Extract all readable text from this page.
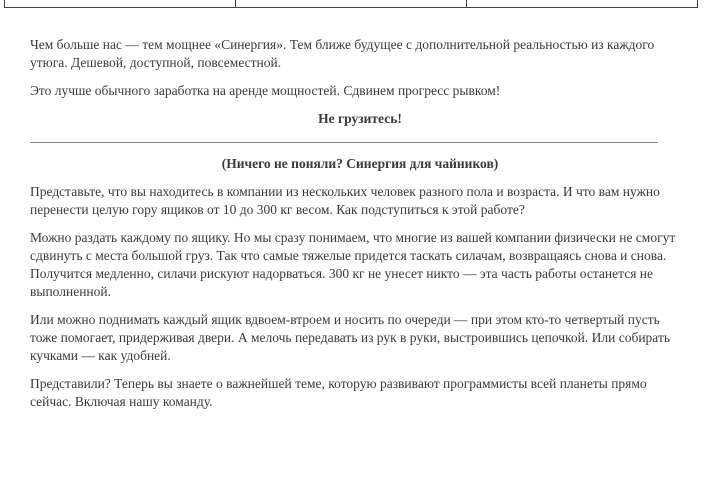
Чем больше нас — тем мощнее «Синергия». Тем ближе будущее с дополнительной реальностью из каждого утюга. Дешевой, доступной, повсеместной.

Это лучше обычного заработка на аренде мощностей. Сдвинем прогресс рывком!

Не грузитесь!
(Ничего не поняли? Синергия для чайников)

Представьте, что вы находитесь в компании из нескольких человек разного пола и возраста. И что вам нужно перенести целую гору ящиков от 10 до 300 кг весом. Как подступиться к этой работе?

Можно раздать каждому по ящику. Но мы сразу понимаем, что многие из вашей компании физически не смогут сдвинуть с места большой груз. Так что самые тяжелые придется таскать силачам, возвращаясь снова и снова. Получится медленно, силачи рискуют надорваться. 300 кг не унесет никто — эта часть работы останется не выполненной.

Или можно поднимать каждый ящик вдвоем-втроем и носить по очереди — при этом кто-то четвертый пусть тоже помогает, придерживая двери. А мелочь передавать из рук в руки, выстроившись цепочкой. Или собирать кучками — как удобней.

Представили? Теперь вы знаете о важнейшей теме, которую развивают программисты всей планеты прямо сейчас. Включая нашу команду.
